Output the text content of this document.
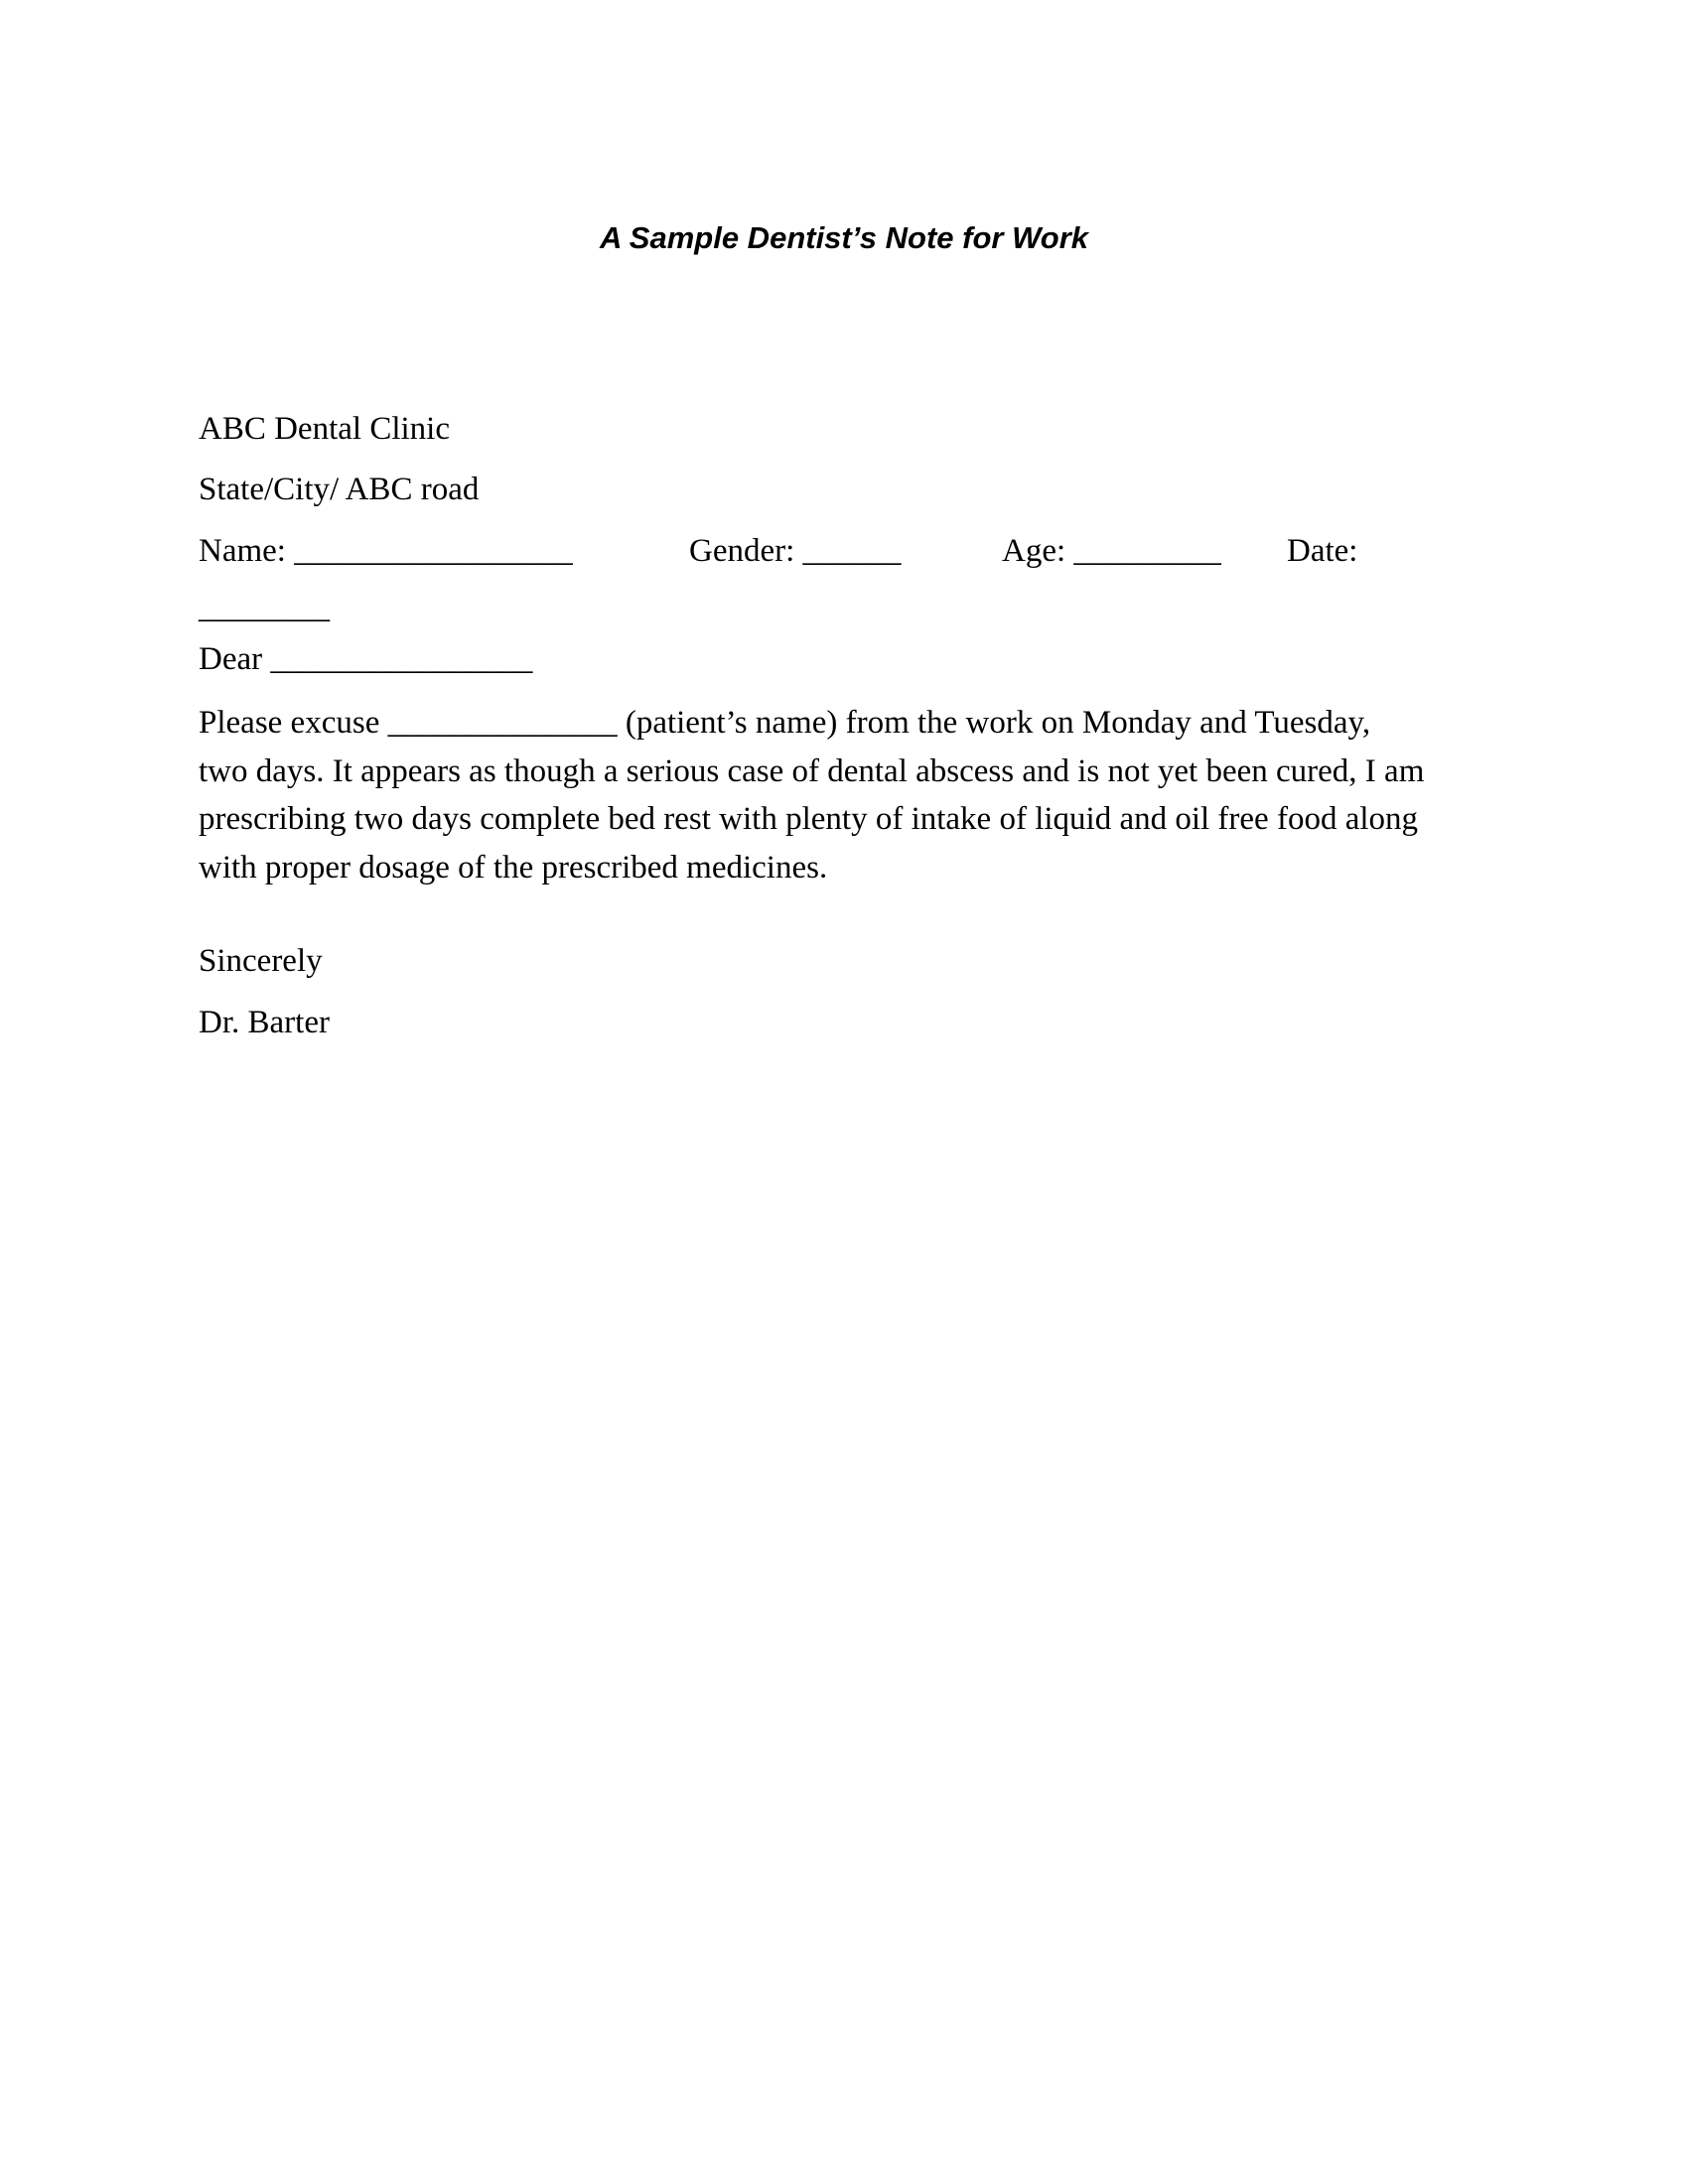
A Sample Dentist’s Note for Work

ABC Dental Clinic

State/City/ ABC road

Name: _________________

	Gender: ______

	Age: _________

Date:

________

Dear ________________

Please excuse ______________ (patient’s name) from the work on Monday and Tuesday,
two days. It appears as though a serious case of dental abscess and is not yet been cured, I am
prescribing two days complete bed rest with plenty of intake of liquid and oil free food along
with proper dosage of the prescribed medicines.

Sincerely

Dr. Barter
